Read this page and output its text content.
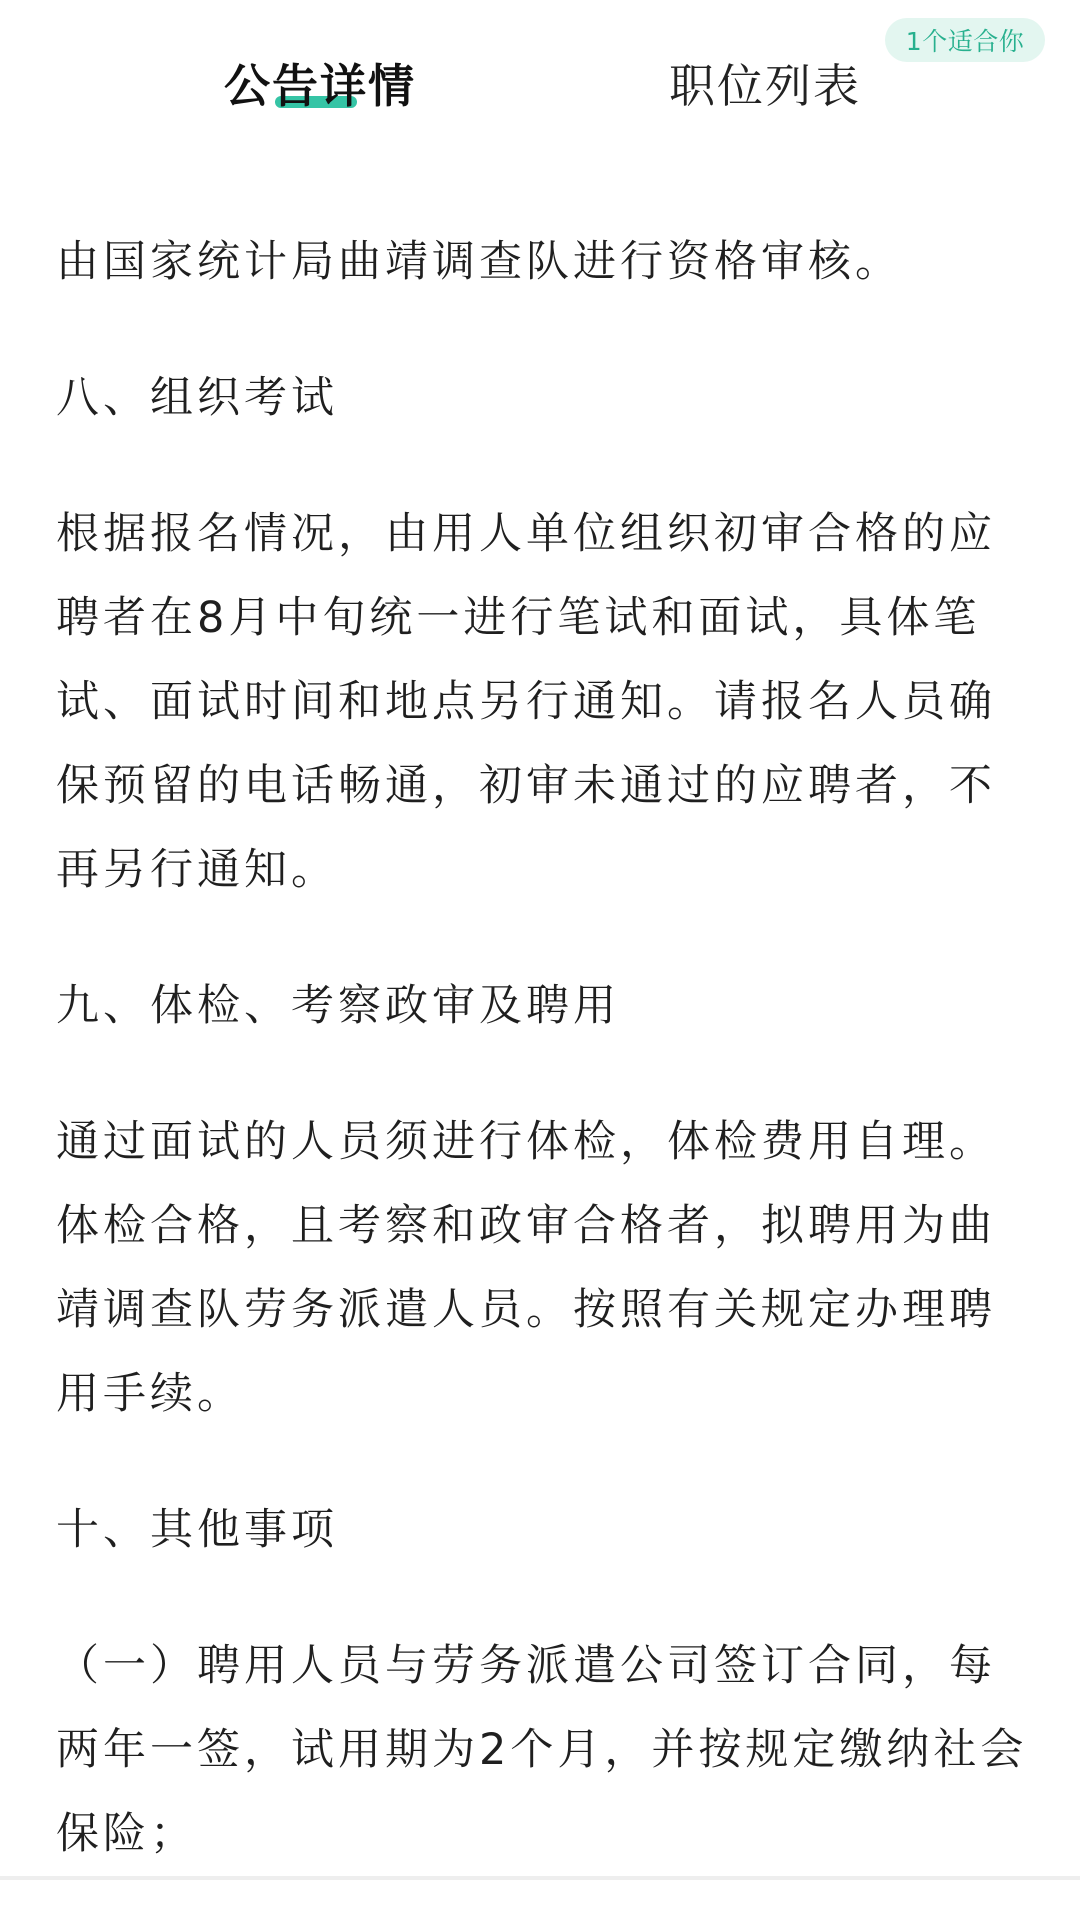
公告详情	职位列表
1个适合你

由国家统计局曲靖调查队进行资格审核。

八、组织考试

根据报名情况，由用人单位组织初审合格的应聘者在8月中旬统一进行笔试和面试，具体笔试、面试时间和地点另行通知。请报名人员确保预留的电话畅通，初审未通过的应聘者，不再另行通知。

九、体检、考察政审及聘用

通过面试的人员须进行体检，体检费用自理。体检合格，且考察和政审合格者，拟聘用为曲靖调查队劳务派遣人员。按照有关规定办理聘用手续。

十、其他事项

（一）聘用人员与劳务派遣公司签订合同，每两年一签，试用期为2个月，并按规定缴纳社会保险；
